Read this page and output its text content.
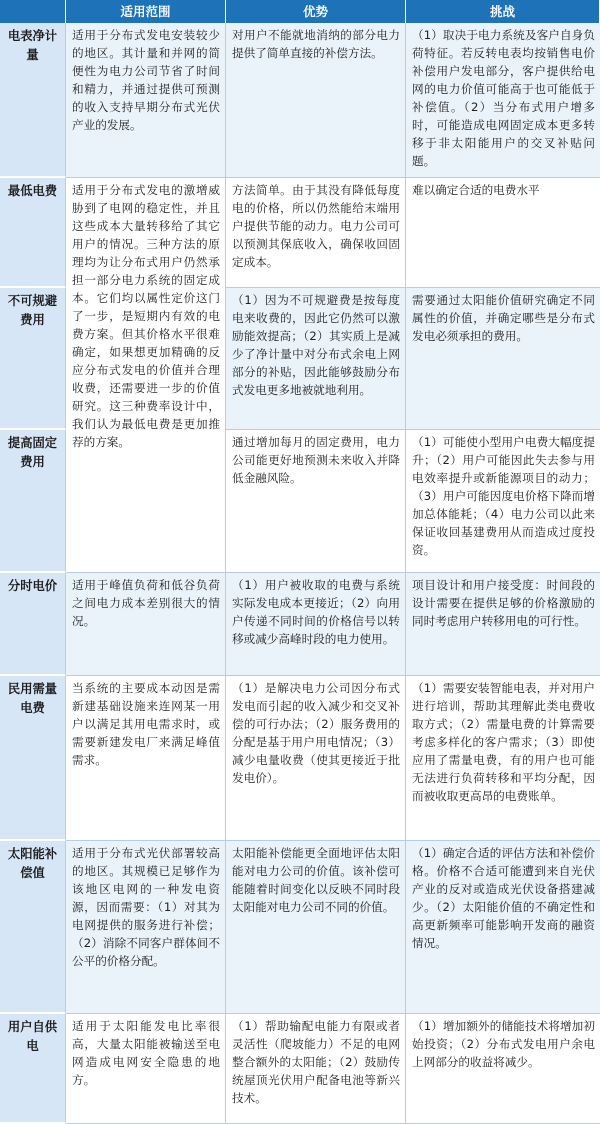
适用范围	优势	挑战
电表净计量
最低电费
不可规避费用
提高固定费用
分时电价
民用需量电费
太阳能补偿值
用户自供电
适用于分布式发电安装较少的地区。其计量和并网的简便性为电力公司节省了时间和精力，并通过提供可预测的收入支持早期分布式光伏产业的发展。
适用于分布式发电的激增威胁到了电网的稳定性，并且这些成本大量转移给了其它用户的情况。三种方法的原理均为让分布式用户仍然承担一部分电力系统的固定成本。它们均以属性定价这门了一步，是短期内有效的电费方案。但其价格水平很难确定，如果想更加精确的反应分布式发电的价值并合理收费，还需要进一步的价值研究。这三种费率设计中，我们认为最低电费是更加推荐的方案。
适用于峰值负荷和低谷负荷之间电力成本差别很大的情况。
当系统的主要成本动因是需新建基础设施来连网某一用户以满足其用电需求时，或需要新建发电厂来满足峰值需求。
适用于分布式光伏部署较高的地区。其规模已足够作为该地区电网的一种发电资源，因而需要：（1）对其为电网提供的服务进行补偿；（2）消除不同客户群体间不公平的价格分配。
适用于太阳能发电比率很高，大量太阳能被输送至电网造成电网安全隐患的地方。
对用户不能就地消纳的部分电力提供了简单直接的补偿方法。
方法简单。由于其没有降低每度电的价格，所以仍然能给末端用户提供节能的动力。电力公司可以预测其保底收入，确保收回固定成本。
（1）因为不可规避费是按每度电来收费的，因此它仍然可以激励能效提高；（2）其实质上是减少了净计量中对分布式余电上网部分的补贴，因此能够鼓励分布式发电更多地被就地利用。
通过增加每月的固定费用，电力公司能更好地预测未来收入并降低金融风险。
（1）用户被收取的电费与系统实际发电成本更接近；（2）向用户传递不同时间的价格信号以转移或减少高峰时段的电力使用。
（1）是解决电力公司因分布式发电而引起的收入减少和交叉补偿的可行办法；（2）服务费用的分配是基于用户用电情况；（3）减少电量收费（使其更接近于批发电价）。
太阳能补偿能更全面地评估太阳能对电力公司的价值。该补偿可能随着时间变化以反映不同时段太阳能对电力公司不同的价值。
（1）帮助输配电能力有限或者灵活性（爬坡能力）不足的电网整合额外的太阳能；（2）鼓励传统屋顶光伏用户配备电池等新兴技术。
（1）取决于电力系统及客户自身负荷特征。若反转电表均按销售电价补偿用户发电部分，客户提供给电网的电力价值可能高于也可能低于补偿值。（2）当分布式用户增多时，可能造成电网固定成本更多转移于非太阳能用户的交叉补贴问题。
难以确定合适的电费水平
需要通过太阳能价值研究确定不同属性的价值，并确定哪些是分布式发电必须承担的费用。
（1）可能使小型用户电费大幅度提升；（2）用户可能因此失去参与用电效率提升或新能源项目的动力；（3）用户可能因度电价格下降而增加总体能耗；（4）电力公司以此来保证收回基建费用从而造成过度投资。
项目设计和用户接受度：时间段的设计需要在提供足够的价格激励的同时考虑用户转移用电的可行性。
（1）需要安装智能电表，并对用户进行培训，帮助其理解此类电费收取方式；（2）需量电费的计算需要考虑多样化的客户需求；（3）即使应用了需量电费，有的用户也可能无法进行负荷转移和平均分配，因而被收取更高昂的电费账单。
（1）确定合适的评估方法和补偿价格。价格不合适可能遭到来自光伏产业的反对或造成光伏设备搭建减少。（2）太阳能价值的不确定性和高更新频率可能影响开发商的融资情况。
（1）增加额外的储能技术将增加初始投资；（2）分布式发电用户余电上网部分的收益将减少。
